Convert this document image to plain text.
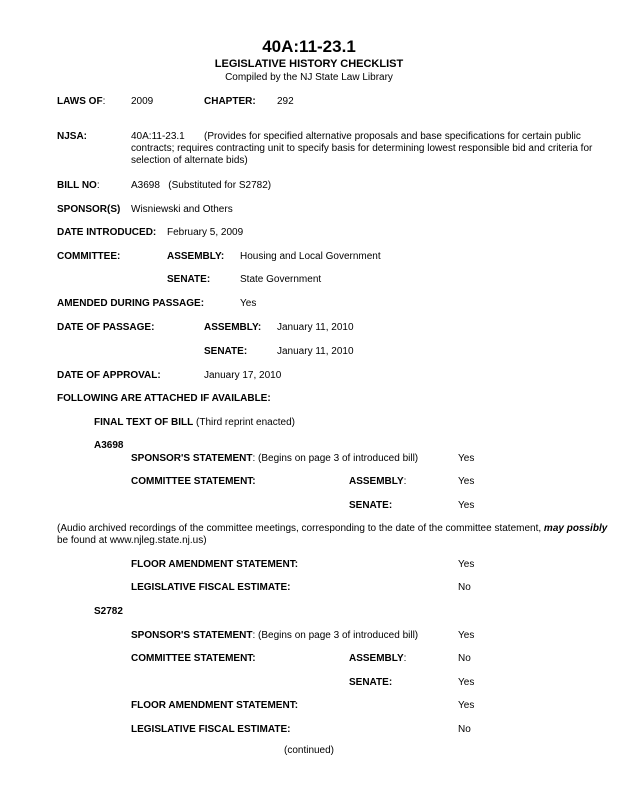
40A:11-23.1
LEGISLATIVE HISTORY CHECKLIST
Compiled by the NJ State Law Library
LAWS OF:	2009	CHAPTER: 292
NJSA:	40A:11-23.1 (Provides for specified alternative proposals and base specifications for certain public
contracts; requires contracting unit to specify basis for determining lowest responsible bid and criteria for
selection of alternate bids)
BILL NO:	A3698   (Substituted for S2782)
SPONSOR(S) Wisniewski and Others
DATE INTRODUCED: February 5, 2009
COMMITTEE:	ASSEMBLY: Housing and Local Government
SENATE:	State Government
AMENDED DURING PASSAGE:	Yes
DATE OF PASSAGE:	ASSEMBLY: January 11, 2010
SENATE:	January 11, 2010
DATE OF APPROVAL:	January 17, 2010
FOLLOWING ARE ATTACHED IF AVAILABLE:
FINAL TEXT OF BILL (Third reprint enacted)
A3698
SPONSOR'S STATEMENT: (Begins on page 3 of introduced bill)	Yes
COMMITTEE STATEMENT:	ASSEMBLY:	Yes
SENATE:	Yes
(Audio archived recordings of the committee meetings, corresponding to the date of the committee statement, may possibly
be found at www.njleg.state.nj.us)
FLOOR AMENDMENT STATEMENT:	Yes
LEGISLATIVE FISCAL ESTIMATE:	No
S2782
SPONSOR'S STATEMENT: (Begins on page 3 of introduced bill)	Yes
COMMITTEE STATEMENT:	ASSEMBLY:	No
SENATE:	Yes
FLOOR AMENDMENT STATEMENT:	Yes
LEGISLATIVE FISCAL ESTIMATE:	No
(continued)
